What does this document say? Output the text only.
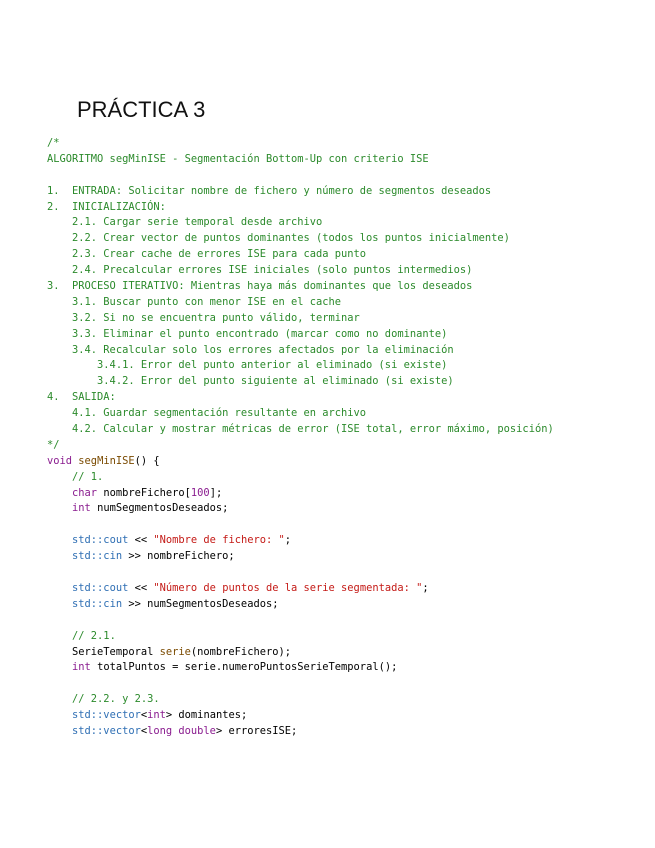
PRÁCTICA 3
/*
ALGORITMO segMinISE - Segmentación Bottom-Up con criterio ISE

1.  ENTRADA: Solicitar nombre de fichero y número de segmentos deseados
2.  INICIALIZACIÓN:
2.1. Cargar serie temporal desde archivo
2.2. Crear vector de puntos dominantes (todos los puntos inicialmente)
2.3. Crear cache de errores ISE para cada punto
2.4. Precalcular errores ISE iniciales (solo puntos intermedios)
3.  PROCESO ITERATIVO: Mientras haya más dominantes que los deseados
3.1. Buscar punto con menor ISE en el cache
3.2. Si no se encuentra punto válido, terminar
3.3. Eliminar el punto encontrado (marcar como no dominante)
3.4. Recalcular solo los errores afectados por la eliminación
3.4.1. Error del punto anterior al eliminado (si existe)
3.4.2. Error del punto siguiente al eliminado (si existe)
4.  SALIDA:
4.1. Guardar segmentación resultante en archivo
4.2. Calcular y mostrar métricas de error (ISE total, error máximo, posición)
*/
void segMinISE() {
// 1.
char nombreFichero[100];
int numSegmentosDeseados;

std::cout << "Nombre de fichero: ";
std::cin >> nombreFichero;

std::cout << "Número de puntos de la serie segmentada: ";
std::cin >> numSegmentosDeseados;

// 2.1.
SerieTemporal serie(nombreFichero);
int totalPuntos = serie.numeroPuntosSerieTemporal();

// 2.2. y 2.3.
std::vector<int> dominantes;
std::vector<long double> erroresISE;
